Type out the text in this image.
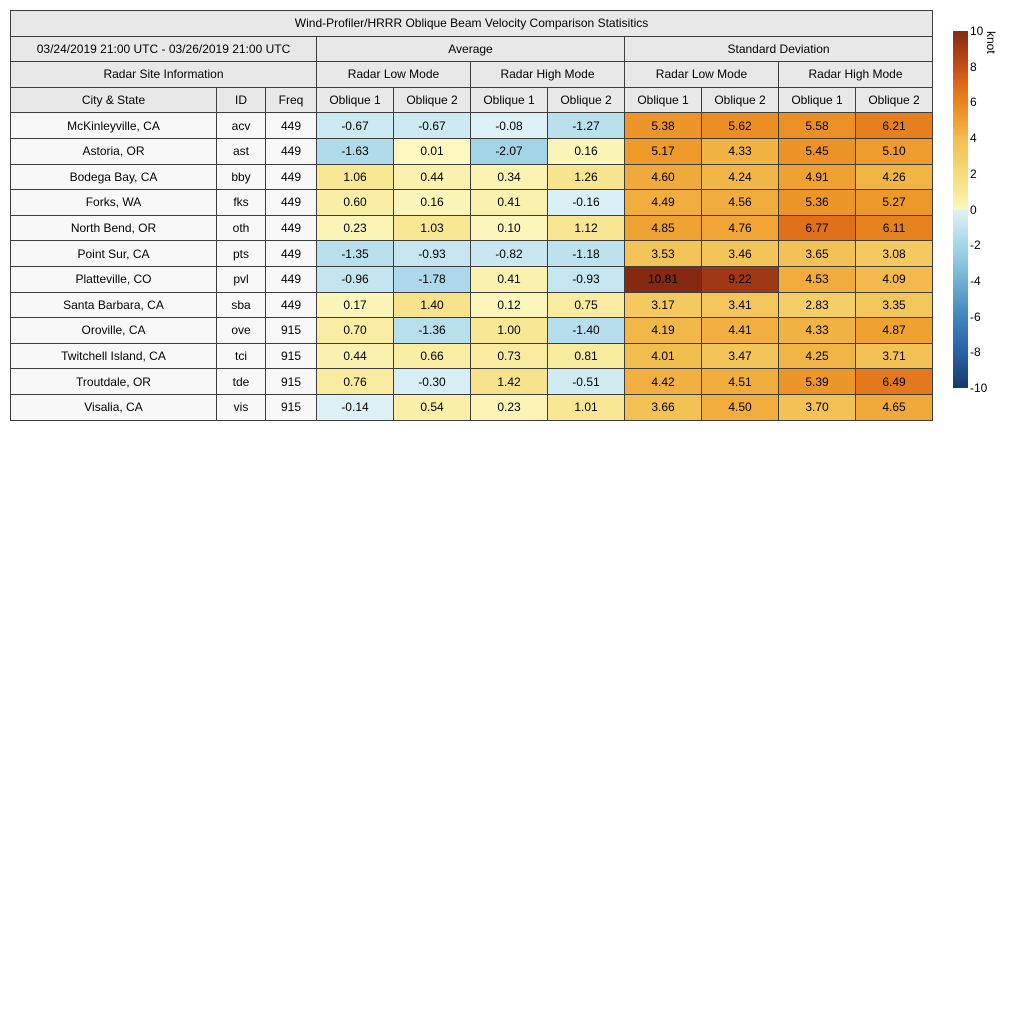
Wind-Profiler/HRRR Oblique Beam Velocity Comparison Statisitics										
03/24/2019 21:00 UTC - 03/26/2019 21:00 UTC			Average				Standard Deviation			
Radar Site Information			Radar Low Mode		Radar High Mode		Radar Low Mode		Radar High Mode	
City & State	ID	Freq	Oblique 1	Oblique 2	Oblique 1	Oblique 2	Oblique 1	Oblique 2	Oblique 1	Oblique 2
McKinleyville, CA	acv	449	-0.67	-0.67	-0.08	-1.27	5.38	5.62	5.58	6.21
Astoria, OR	ast	449	-1.63	0.01	-2.07	0.16	5.17	4.33	5.45	5.10
Bodega Bay, CA	bby	449	1.06	0.44	0.34	1.26	4.60	4.24	4.91	4.26
Forks, WA	fks	449	0.60	0.16	0.41	-0.16	4.49	4.56	5.36	5.27
North Bend, OR	oth	449	0.23	1.03	0.10	1.12	4.85	4.76	6.77	6.11
Point Sur, CA	pts	449	-1.35	-0.93	-0.82	-1.18	3.53	3.46	3.65	3.08
Platteville, CO	pvl	449	-0.96	-1.78	0.41	-0.93	10.81	9.22	4.53	4.09
Santa Barbara, CA	sba	449	0.17	1.40	0.12	0.75	3.17	3.41	2.83	3.35
Oroville, CA	ove	915	0.70	-1.36	1.00	-1.40	4.19	4.41	4.33	4.87
Twitchell Island, CA	tci	915	0.44	0.66	0.73	0.81	4.01	3.47	4.25	3.71
Troutdale, OR	tde	915	0.76	-0.30	1.42	-0.51	4.42	4.51	5.39	6.49
Visalia, CA	vis	915	-0.14	0.54	0.23	1.01	3.66	4.50	3.70	4.65
10
8
6
4
2
0
-2
-4
-6
-8
-10
knot
